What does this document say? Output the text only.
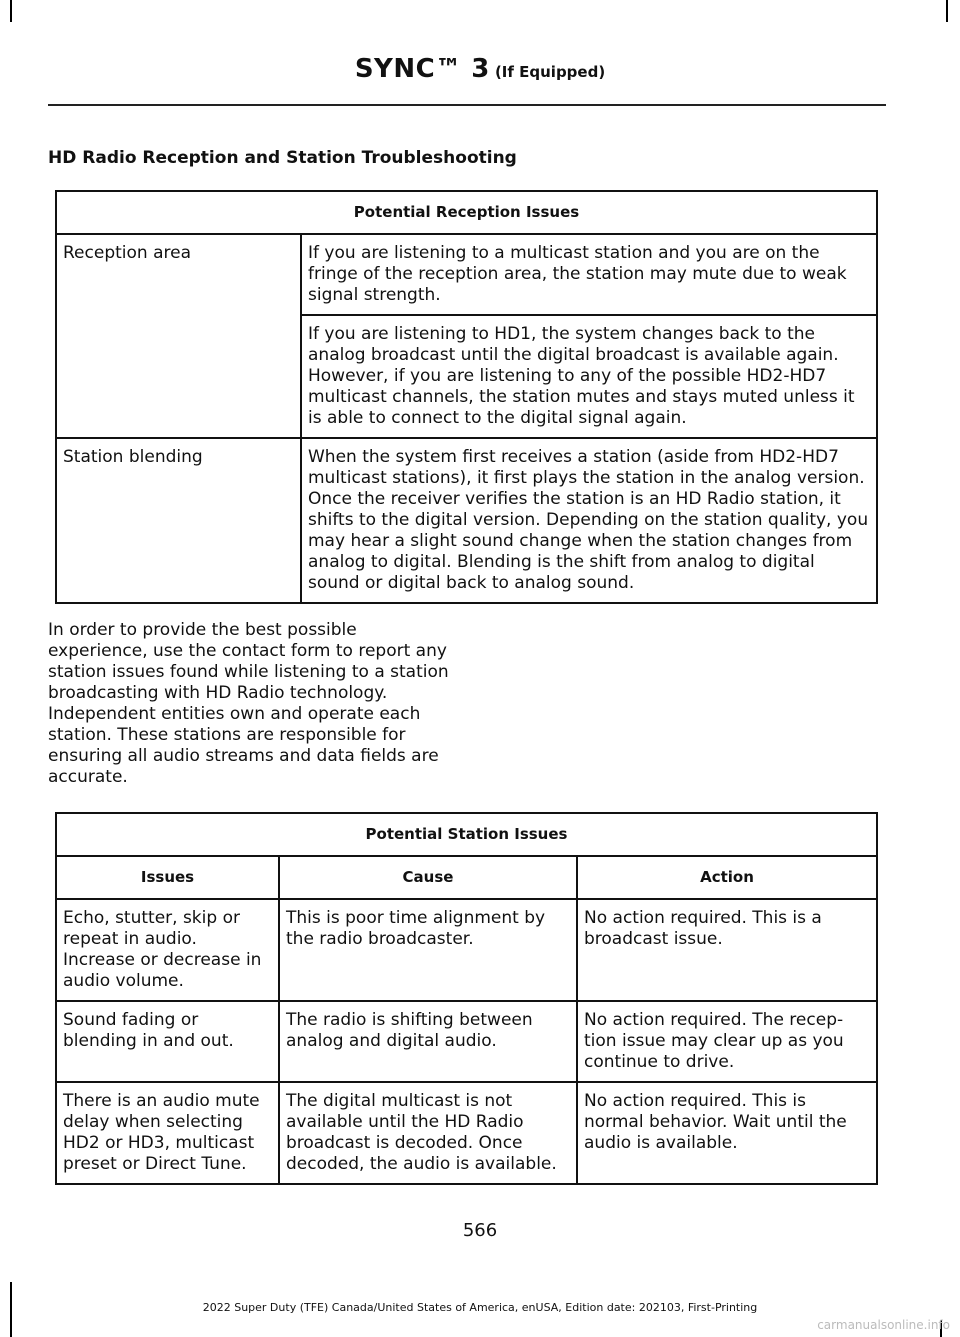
SYNC™ 3 (If Equipped)
HD Radio Reception and Station Troubleshooting
Potential Reception Issues	
Reception area	If you are listening to a multicast station and you are on the fringe of the reception area, the station may mute due to weak signal strength.
	If you are listening to HD1, the system changes back to the analog broadcast until the digital broadcast is available again. However, if you are listening to any of the possible HD2-HD7 multicast channels, the station mutes and stays muted unless it is able to connect to the digital signal again.
Station blending	When the system first receives a station (aside from HD2-HD7 multicast stations), it first plays the station in the analog version. Once the receiver verifies the station is an HD Radio station, it shifts to the digital version. Depending on the station quality, you may hear a slight sound change when the station changes from analog to digital. Blending is the shift from analog to digital sound or digital back to analog sound.
In order to provide the best possible experience, use the contact form to report any station issues found while listening to a station broadcasting with HD Radio technology. Independent entities own and operate each station. These stations are responsible for ensuring all audio streams and data fields are accurate.
Potential Station Issues		
Issues	Cause	Action
Echo, stutter, skip or repeat in audio. Increase or decrease in audio volume.	This is poor time alignment by the radio broadcaster.	No action required. This is a broadcast issue.
Sound fading or blending in and out.	The radio is shifting between analog and digital audio.	No action required. The recep-tion issue may clear up as you continue to drive.
There is an audio mute delay when selecting HD2 or HD3, multicast preset or Direct Tune.	The digital multicast is not available until the HD Radio broadcast is decoded. Once decoded, the audio is available.	No action required. This is normal behavior. Wait until the audio is available.
566
2022 Super Duty (TFE) Canada/United States of America, enUSA, Edition date: 202103, First-Printing
carmanualsonline.info
